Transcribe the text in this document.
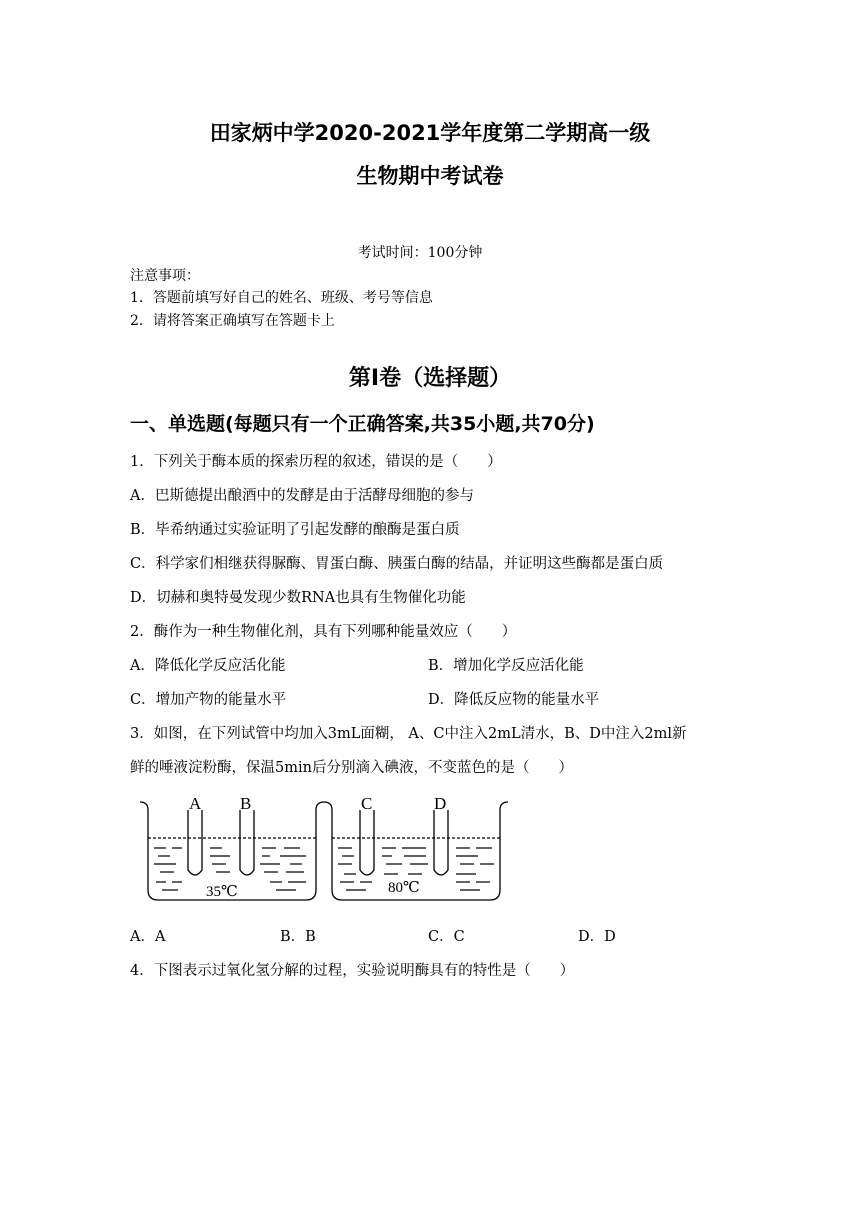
田家炳中学2020-2021学年度第二学期高一级
生物期中考试卷
考试时间：100分钟
注意事项：
1．答题前填写好自己的姓名、班级、考号等信息
2．请将答案正确填写在答题卡上
第Ⅰ卷（选择题）
一、单选题(每题只有一个正确答案,共35小题,共70分)
1．下列关于酶本质的探索历程的叙述，错误的是（　　）
A．巴斯德提出酿酒中的发酵是由于活酵母细胞的参与
B．毕希纳通过实验证明了引起发酵的酿酶是蛋白质
C．科学家们相继获得脲酶、胃蛋白酶、胰蛋白酶的结晶，并证明这些酶都是蛋白质
D．切赫和奥特曼发现少数RNA也具有生物催化功能
2．酶作为一种生物催化剂，具有下列哪种能量效应（　　）
A．降低化学反应活化能	B．增加化学反应活化能
C．增加产物的能量水平	D．降低反应物的能量水平
3．如图，在下列试管中均加入3mL面糊， A、C中注入2mL清水，B、D中注入2ml新
鲜的唾液淀粉酶，保温5min后分别滴入碘液，不变蓝色的是（　　）
A B	C	D
35℃	80℃
A．A	B．B	C．C	D．D
4．下图表示过氧化氢分解的过程，实验说明酶具有的特性是（　　）
